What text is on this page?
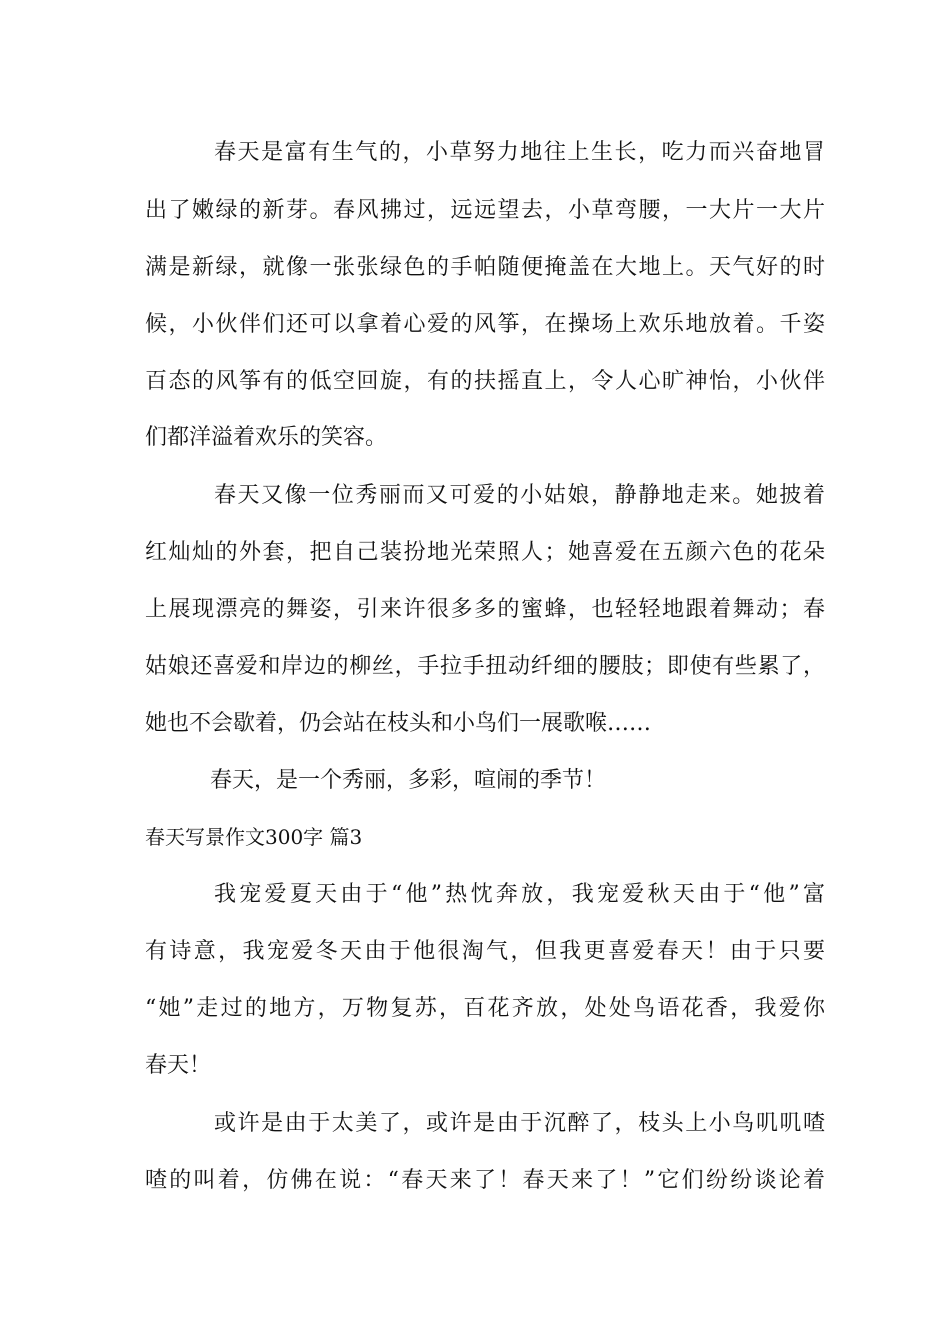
春天是富有生气的，小草努力地往上生长，吃力而兴奋地冒
出了嫩绿的新芽。春风拂过，远远望去，小草弯腰，一大片一大片
满是新绿，就像一张张绿色的手帕随便掩盖在大地上。天气好的时
候，小伙伴们还可以拿着心爱的风筝，在操场上欢乐地放着。千姿
百态的风筝有的低空回旋，有的扶摇直上，令人心旷神怡，小伙伴
们都洋溢着欢乐的笑容。
春天又像一位秀丽而又可爱的小姑娘，静静地走来。她披着
红灿灿的外套，把自己装扮地光荣照人；她喜爱在五颜六色的花朵
上展现漂亮的舞姿，引来许很多多的蜜蜂，也轻轻地跟着舞动；春
姑娘还喜爱和岸边的柳丝，手拉手扭动纤细的腰肢；即使有些累了，
她也不会歇着，仍会站在枝头和小鸟们一展歌喉……
春天，是一个秀丽，多彩，喧闹的季节！
春天写景作文300字 篇3
我宠爱夏天由于“他”热忱奔放，我宠爱秋天由于“他”富
有诗意，我宠爱冬天由于他很淘气，但我更喜爱春天！由于只要
“她”走过的地方，万物复苏，百花齐放，处处鸟语花香，我爱你
春天！
或许是由于太美了，或许是由于沉醉了，枝头上小鸟叽叽喳
喳的叫着，仿佛在说：“春天来了！春天来了！”它们纷纷谈论着
